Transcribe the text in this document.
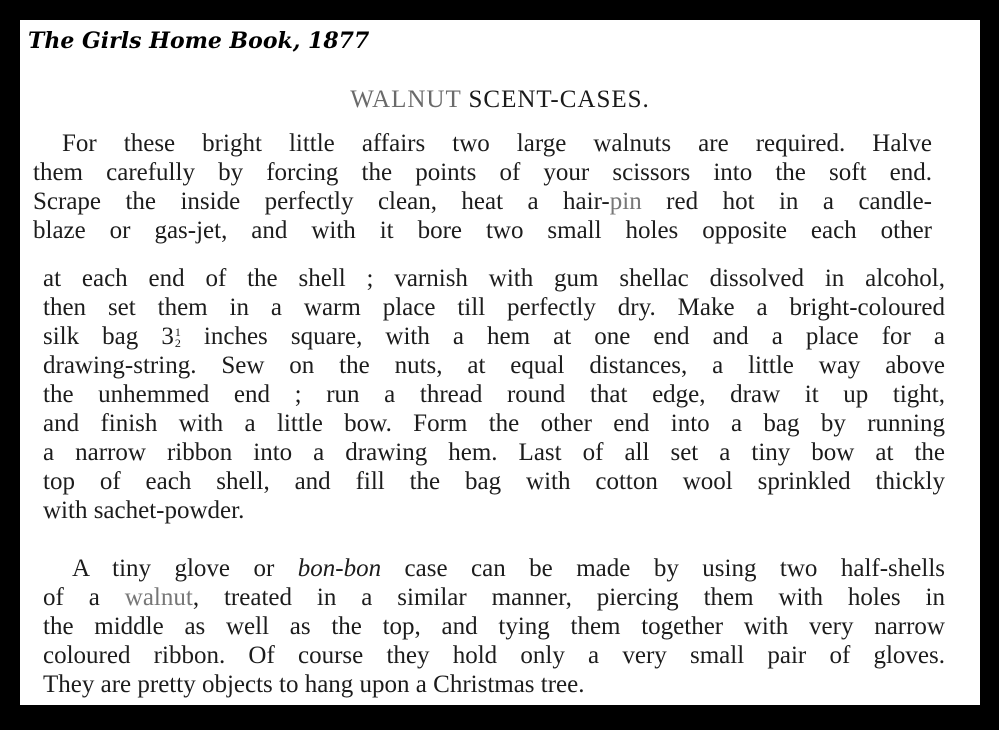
The Girls Home Book, 1877
WALNUT SCENT-CASES.
For these bright little affairs two large walnuts are required. Halve
them carefully by forcing the points of your scissors into the soft end.
Scrape the inside perfectly clean, heat a hair-pin red hot in a candle-
blaze or gas-jet, and with it bore two small holes opposite each other
at each end of the shell ; varnish with gum shellac dissolved in alcohol,
then set them in a warm place till perfectly dry. Make a bright-coloured
silk bag 3 1
2 inches square, with a hem at one end and a place for a
drawing-string. Sew on the nuts, at equal distances, a little way above
the unhemmed end ; run a thread round that edge, draw it up tight,
and finish with a little bow. Form the other end into a bag by running
a narrow ribbon into a drawing hem. Last of all set a tiny bow at the
top of each shell, and fill the bag with cotton wool sprinkled thickly
with sachet-powder.
A tiny glove or bon-bon case can be made by using two half-shells
of a walnut, treated in a similar manner, piercing them with holes in
the middle as well as the top, and tying them together with very narrow
coloured ribbon. Of course they hold only a very small pair of gloves.
They are pretty objects to hang upon a Christmas tree.
